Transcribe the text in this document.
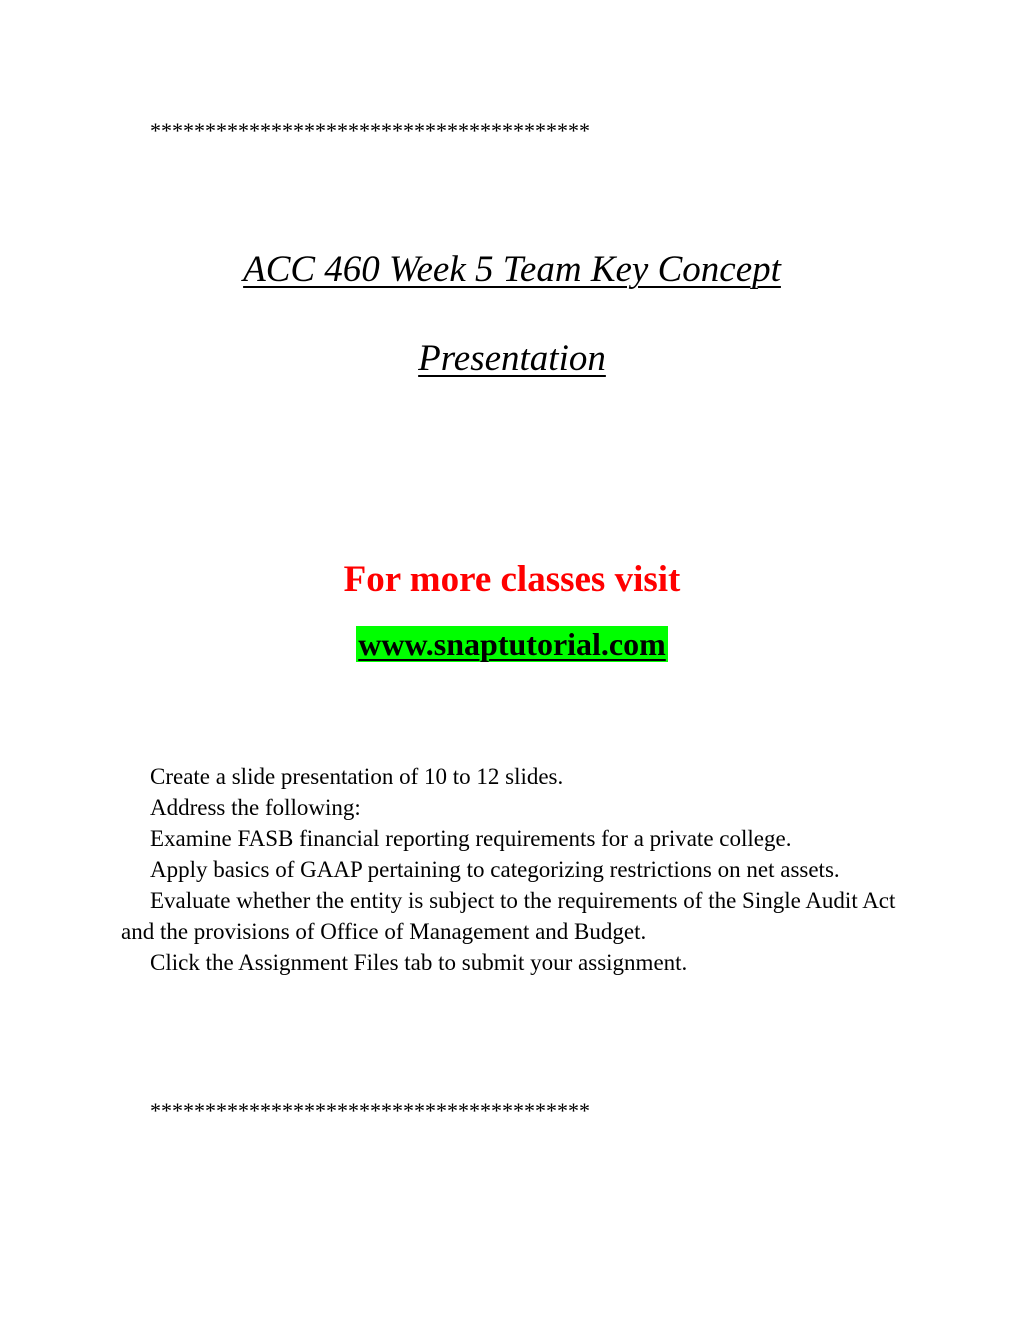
****************************************
ACC 460 Week 5 Team Key Concept
Presentation
For more classes visit
www.snaptutorial.com

Create a slide presentation of 10 to 12 slides.

Address the following:

Examine FASB financial reporting requirements for a private college.

Apply basics of GAAP pertaining to categorizing restrictions on net assets.

Evaluate whether the entity is subject to the requirements of the Single Audit Act and the provisions of Office of Management and Budget.

Click the Assignment Files tab to submit your assignment.

****************************************
